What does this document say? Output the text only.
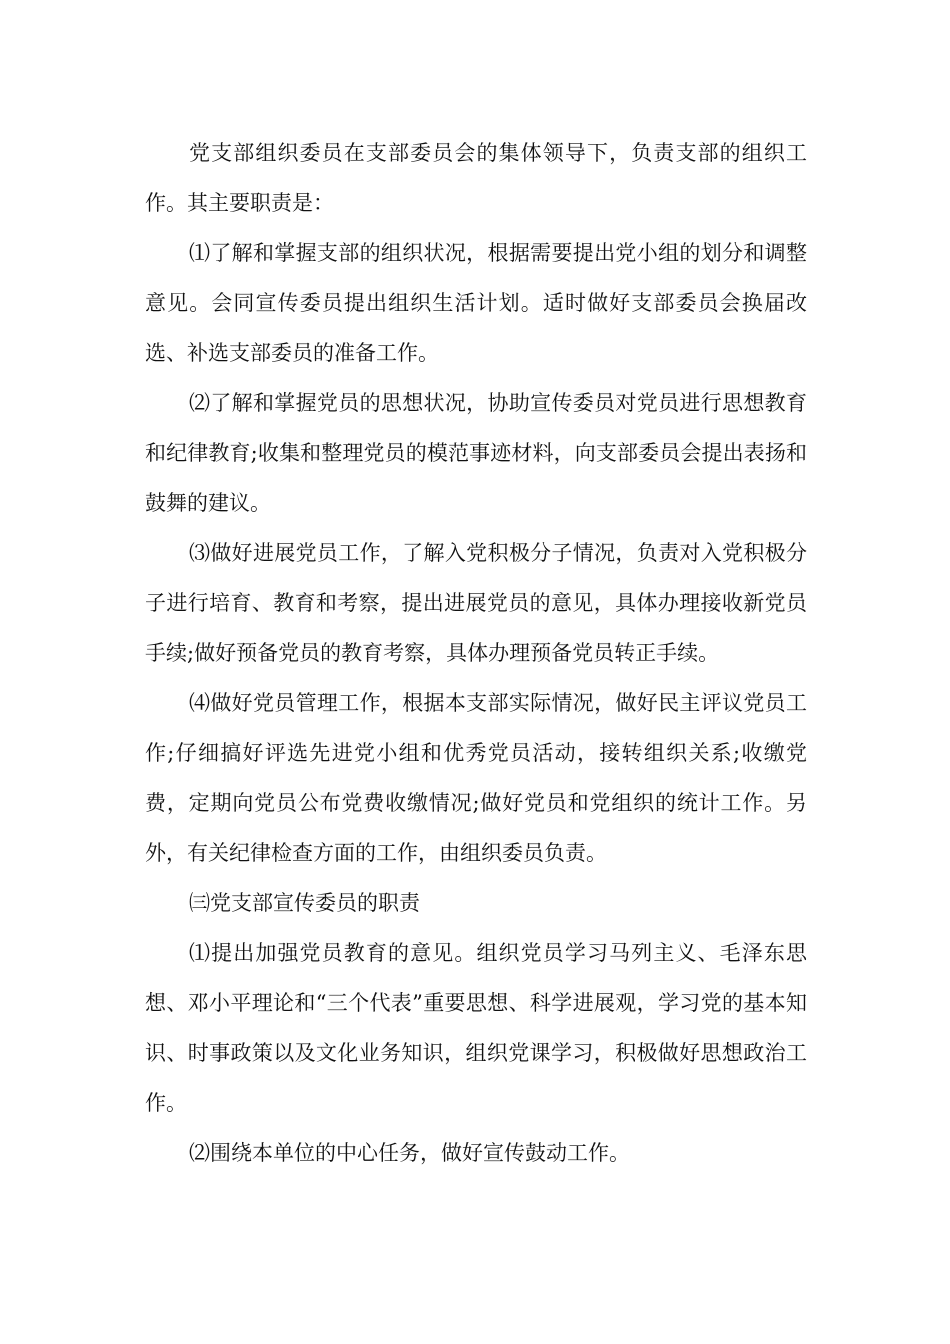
党支部组织委员在支部委员会的集体领导下，负责支部的组织工作。其主要职责是：

⑴了解和掌握支部的组织状况，根据需要提出党小组的划分和调整意见。会同宣传委员提出组织生活计划。适时做好支部委员会换届改选、补选支部委员的准备工作。

⑵了解和掌握党员的思想状况，协助宣传委员对党员进行思想教育和纪律教育;收集和整理党员的模范事迹材料，向支部委员会提出表扬和鼓舞的建议。

⑶做好进展党员工作，了解入党积极分子情况，负责对入党积极分子进行培育、教育和考察，提出进展党员的意见，具体办理接收新党员手续;做好预备党员的教育考察，具体办理预备党员转正手续。

⑷做好党员管理工作，根据本支部实际情况，做好民主评议党员工作;仔细搞好评选先进党小组和优秀党员活动，接转组织关系;收缴党费，定期向党员公布党费收缴情况;做好党员和党组织的统计工作。另外，有关纪律检查方面的工作，由组织委员负责。

㈢党支部宣传委员的职责

⑴提出加强党员教育的意见。组织党员学习马列主义、毛泽东思想、邓小平理论和“三个代表”重要思想、科学进展观，学习党的基本知识、时事政策以及文化业务知识，组织党课学习，积极做好思想政治工作。

⑵围绕本单位的中心任务，做好宣传鼓动工作。
